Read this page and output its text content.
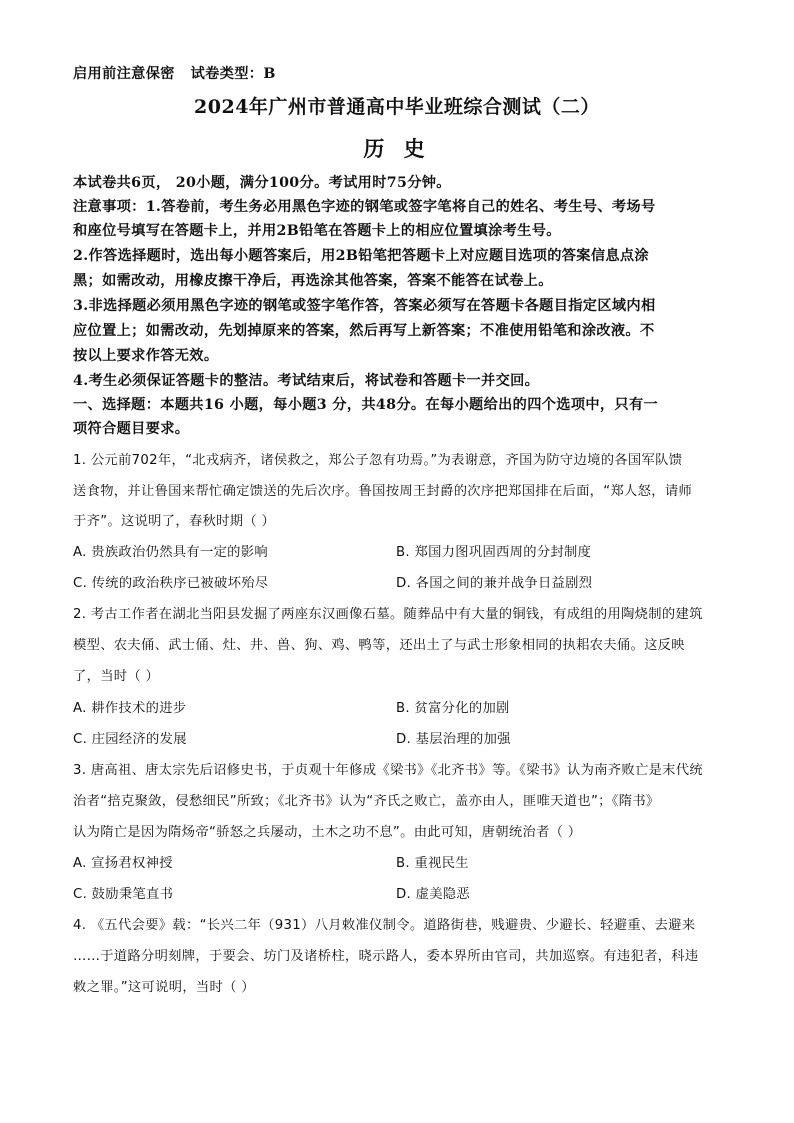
启用前注意保密 试卷类型：B
2024年广州市普通高中毕业班综合测试（二）
历 史
本试卷共6页， 20小题，满分100分。考试用时75分钟。
注意事项：1.答卷前，考生务必用黑色字迹的钢笔或签字笔将自己的姓名、考生号、考场号
和座位号填写在答题卡上，并用2B铅笔在答题卡上的相应位置填涂考生号。
2.作答选择题时，选出每小题答案后，用2B铅笔把答题卡上对应题目选项的答案信息点涂
黑；如需改动，用橡皮擦干净后，再选涂其他答案，答案不能答在试卷上。
3.非选择题必须用黑色字迹的钢笔或签字笔作答，答案必须写在答题卡各题目指定区域内相
应位置上；如需改动，先划掉原来的答案，然后再写上新答案；不准使用铅笔和涂改液。不
按以上要求作答无效。
4.考生必须保证答题卡的整洁。考试结束后，将试卷和答题卡一并交回。
一、选择题：本题共16 小题，每小题3 分，共48分。在每小题给出的四个选项中，只有一
项符合题目要求。
1. 公元前702年，“北戎病齐，诸侯救之，郑公子忽有功焉。”为表谢意，齐国为防守边境的各国军队馈
送食物，并让鲁国来帮忙确定馈送的先后次序。鲁国按周王封爵的次序把郑国排在后面，“郑人怒，请师
于齐”。这说明了，春秋时期（ ）
A. 贵族政治仍然具有一定的影响	B. 郑国力图巩固西周的分封制度
C. 传统的政治秩序已被破坏殆尽	D. 各国之间的兼并战争日益剧烈
2. 考古工作者在湖北当阳县发掘了两座东汉画像石墓。随葬品中有大量的铜钱，有成组的用陶烧制的建筑
模型、农夫俑、武士俑、灶、井、兽、狗、鸡、鸭等，还出土了与武士形象相同的执耜农夫俑。这反映
了，当时（ ）
A. 耕作技术的进步	B. 贫富分化的加剧
C. 庄园经济的发展	D. 基层治理的加强
3. 唐高祖、唐太宗先后诏修史书，于贞观十年修成《梁书》《北齐书》等。《梁书》认为南齐败亡是末代统
治者“掊克聚敛，侵愁细民”所致；《北齐书》认为“齐氏之败亡，盖亦由人，匪唯天道也”；《隋书》
认为隋亡是因为隋炀帝“骄怒之兵屡动，土木之功不息”。由此可知，唐朝统治者（ ）
A. 宣扬君权神授	B. 重视民生
C. 鼓励秉笔直书	D. 虚美隐恶
4. 《五代会要》载：“长兴二年（931）八月敕准仪制令。道路街巷，贱避贵、少避长、轻避重、去避来
……于道路分明刻牌，于要会、坊门及诸桥柱，晓示路人，委本界所由官司，共加巡察。有违犯者，科违
敕之罪。”这可说明，当时（ ）
